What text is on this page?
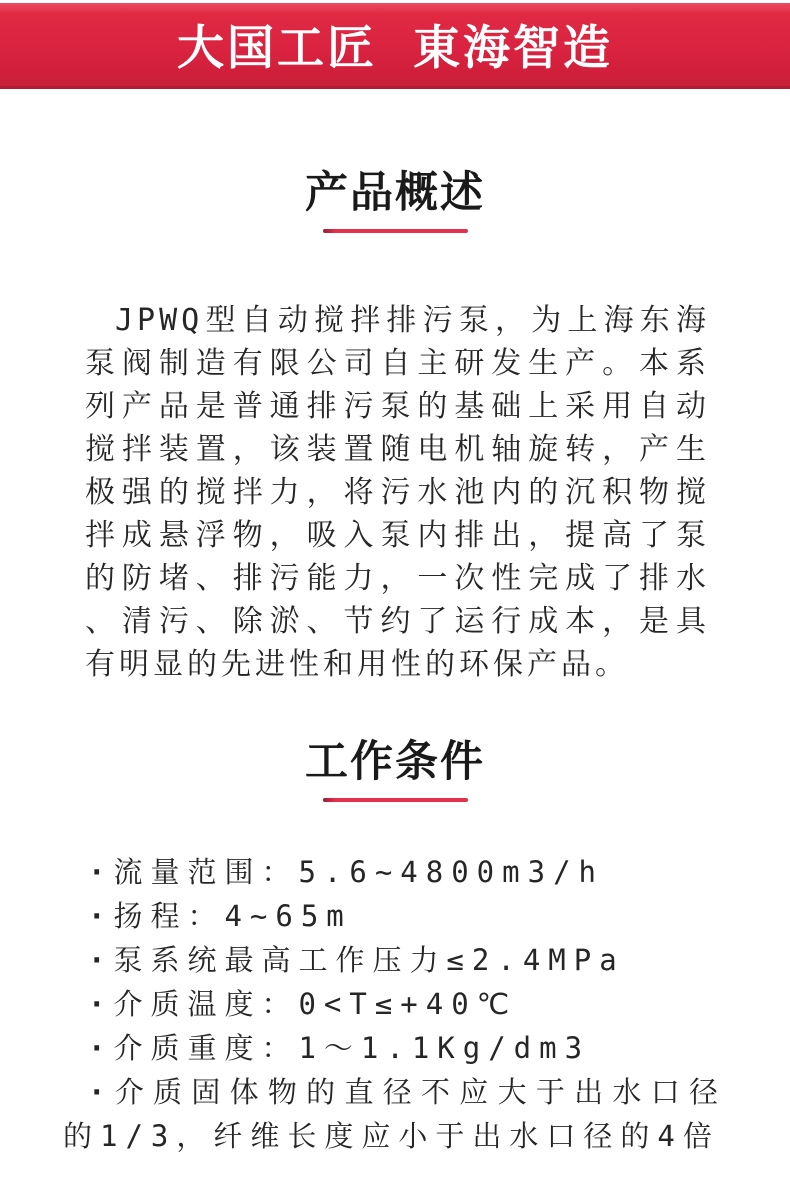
大国工匠 東海智造
产品概述
JPWQ型自动搅拌排污泵，为上海东海
泵阀制造有限公司自主研发生产。本系
列产品是普通排污泵的基础上采用自动
搅拌装置，该装置随电机轴旋转，产生
极强的搅拌力，将污水池内的沉积物搅
拌成悬浮物，吸入泵内排出，提高了泵
的防堵、排污能力，一次性完成了排水
、清污、除淤、节约了运行成本，是具
有明显的先进性和用性的环保产品。
工作条件
·流量范围：5.6~4800m3/h
·扬程：4~65m
·泵系统最高工作压力≤2.4MPa
·介质温度：0<T≤+40℃
·介质重度：1～1.1Kg/dm3
·介质固体物的直径不应大于出水口径的1/3，纤维长度应小于出水口径的4倍
